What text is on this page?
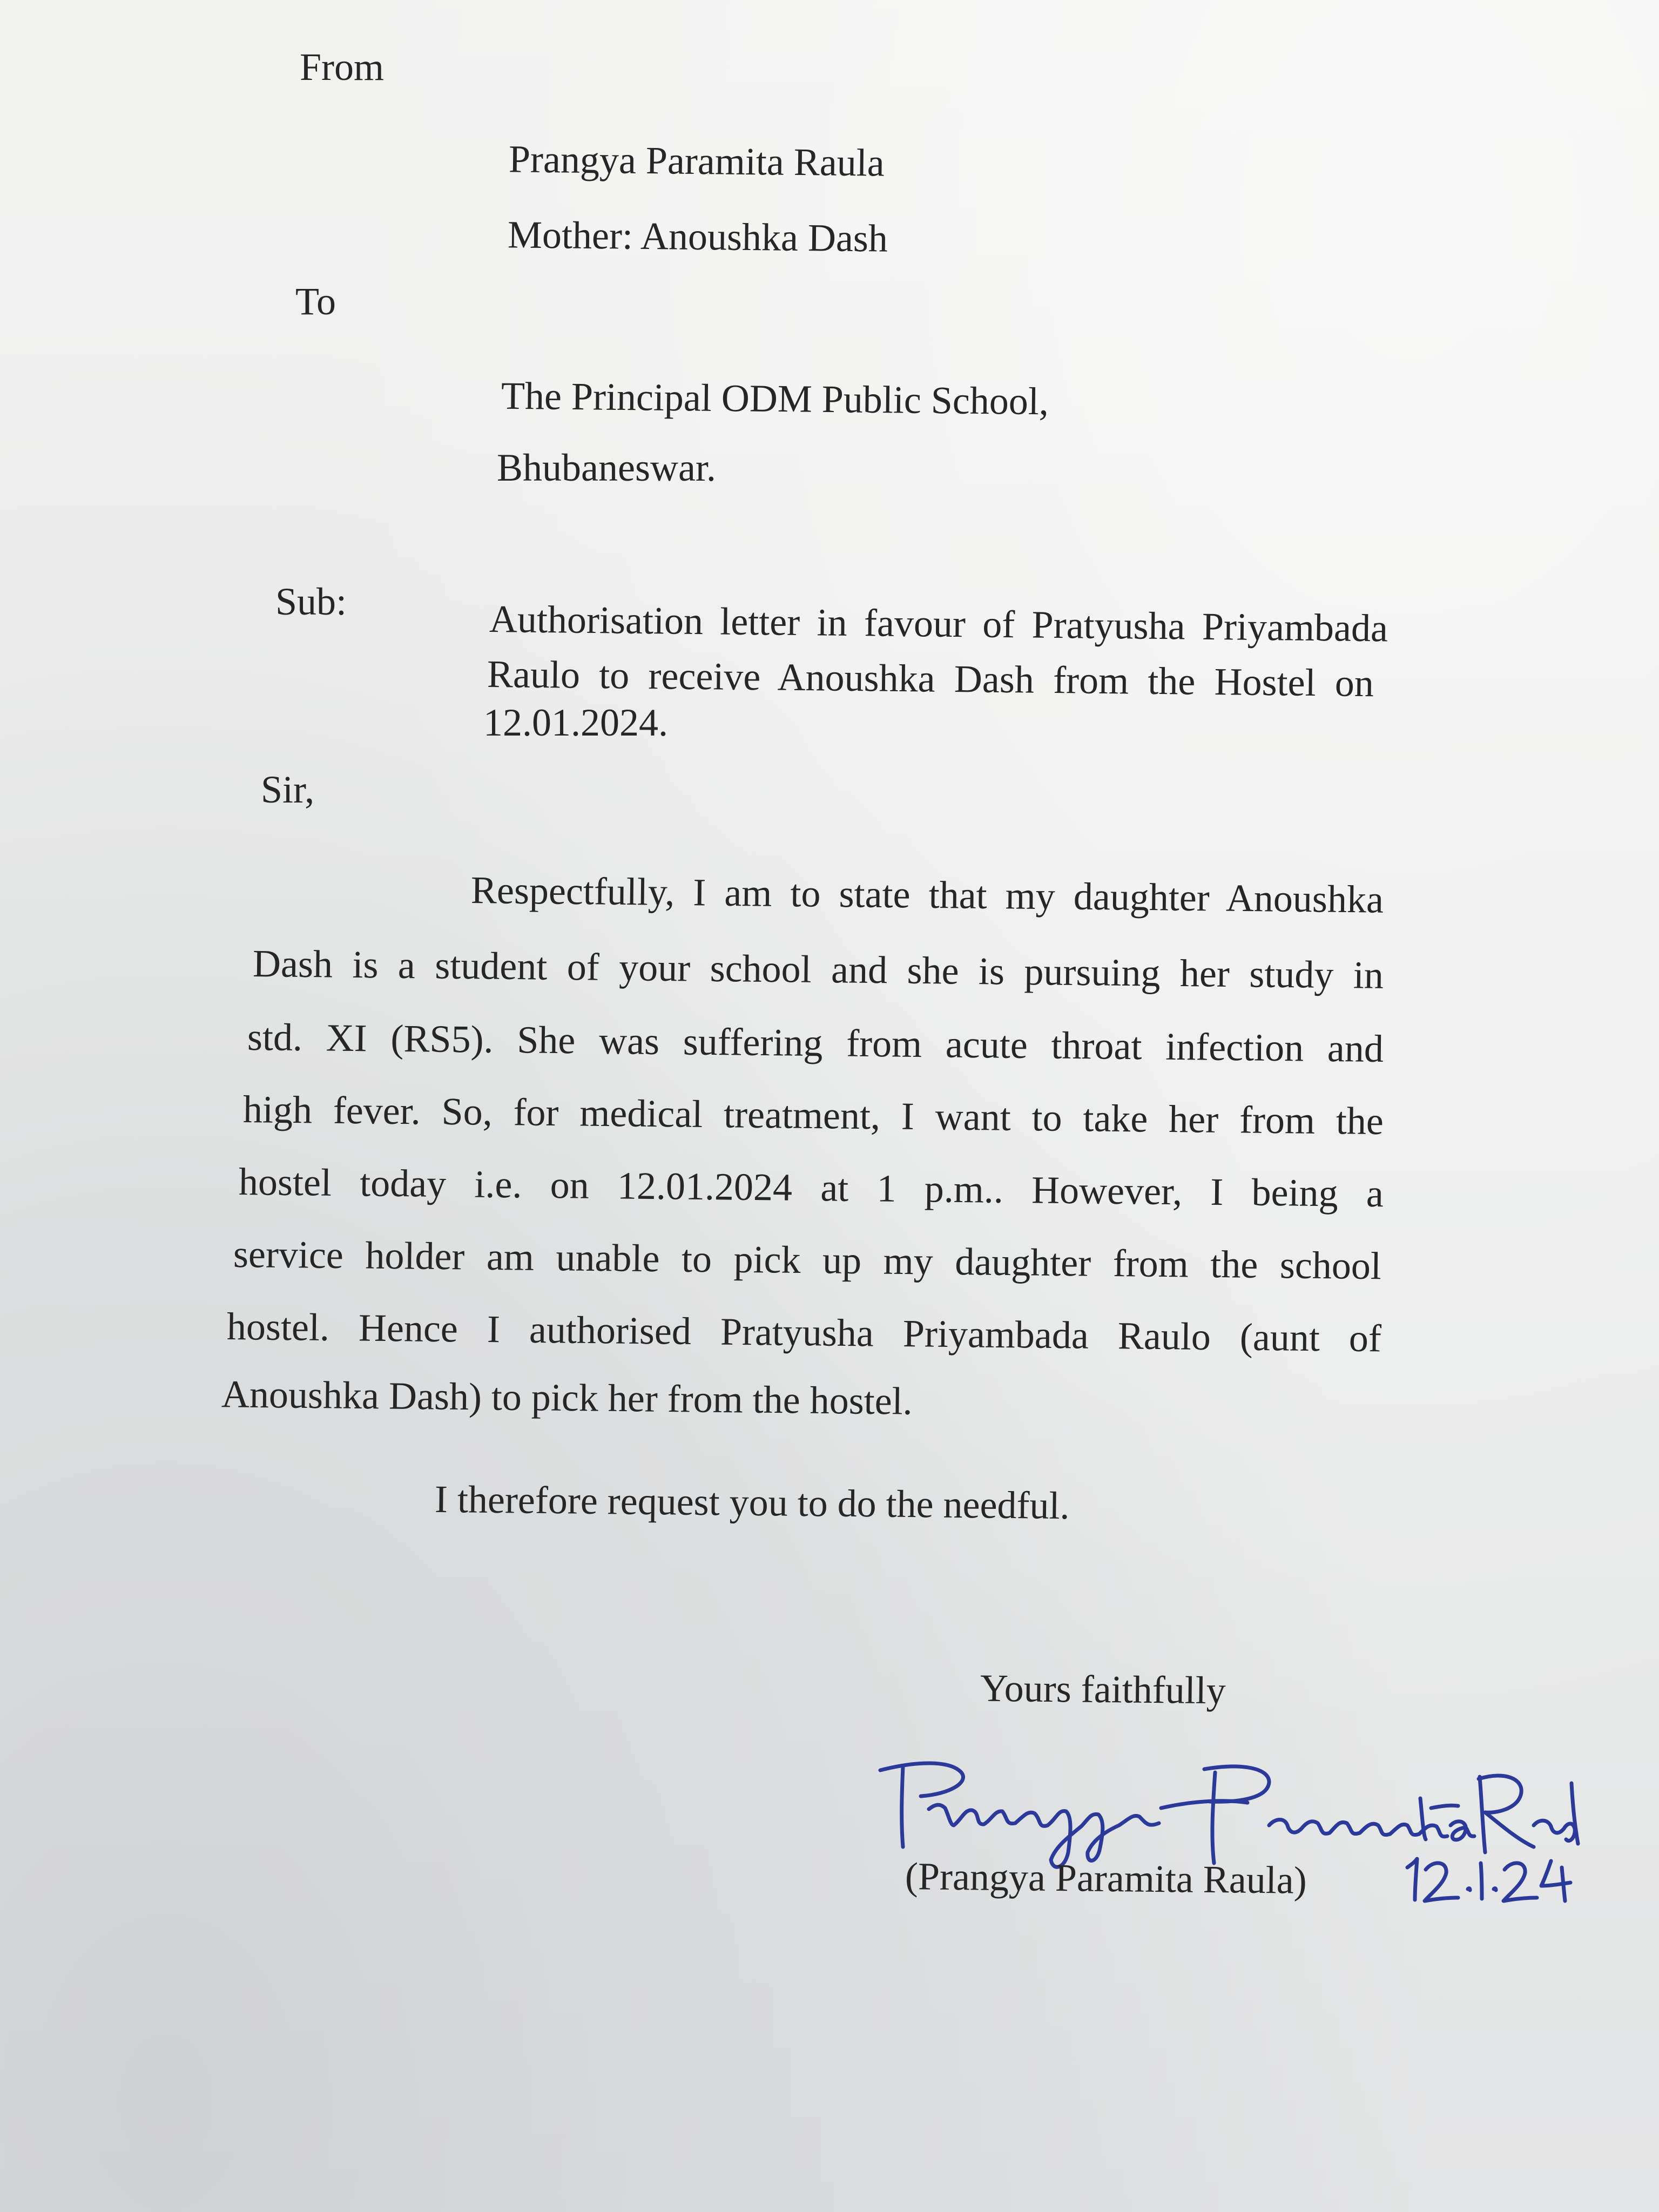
From
Prangya Paramita Raula
Mother: Anoushka Dash
To
The Principal ODM Public School,
Bhubaneswar.
Sub:	Authorisation letter in favour of Pratyusha Priyambada
Raulo to receive Anoushka Dash from the Hostel on
12.01.2024.
Sir,
Respectfully, I am to state that my daughter Anoushka
Dash is a student of your school and she is pursuing her study in
std. XI (RS5). She was suffering from acute throat infection and
high fever. So, for medical treatment, I want to take her from the
hostel today i.e. on 12.01.2024 at 1 p.m.. However, I being a
service holder am unable to pick up my daughter from the school
hostel. Hence I authorised Pratyusha Priyambada Raulo (aunt of
Anoushka Dash) to pick her from the hostel.
I therefore request you to do the needful.
Yours faithfully
(Prangya Paramita Raula)
